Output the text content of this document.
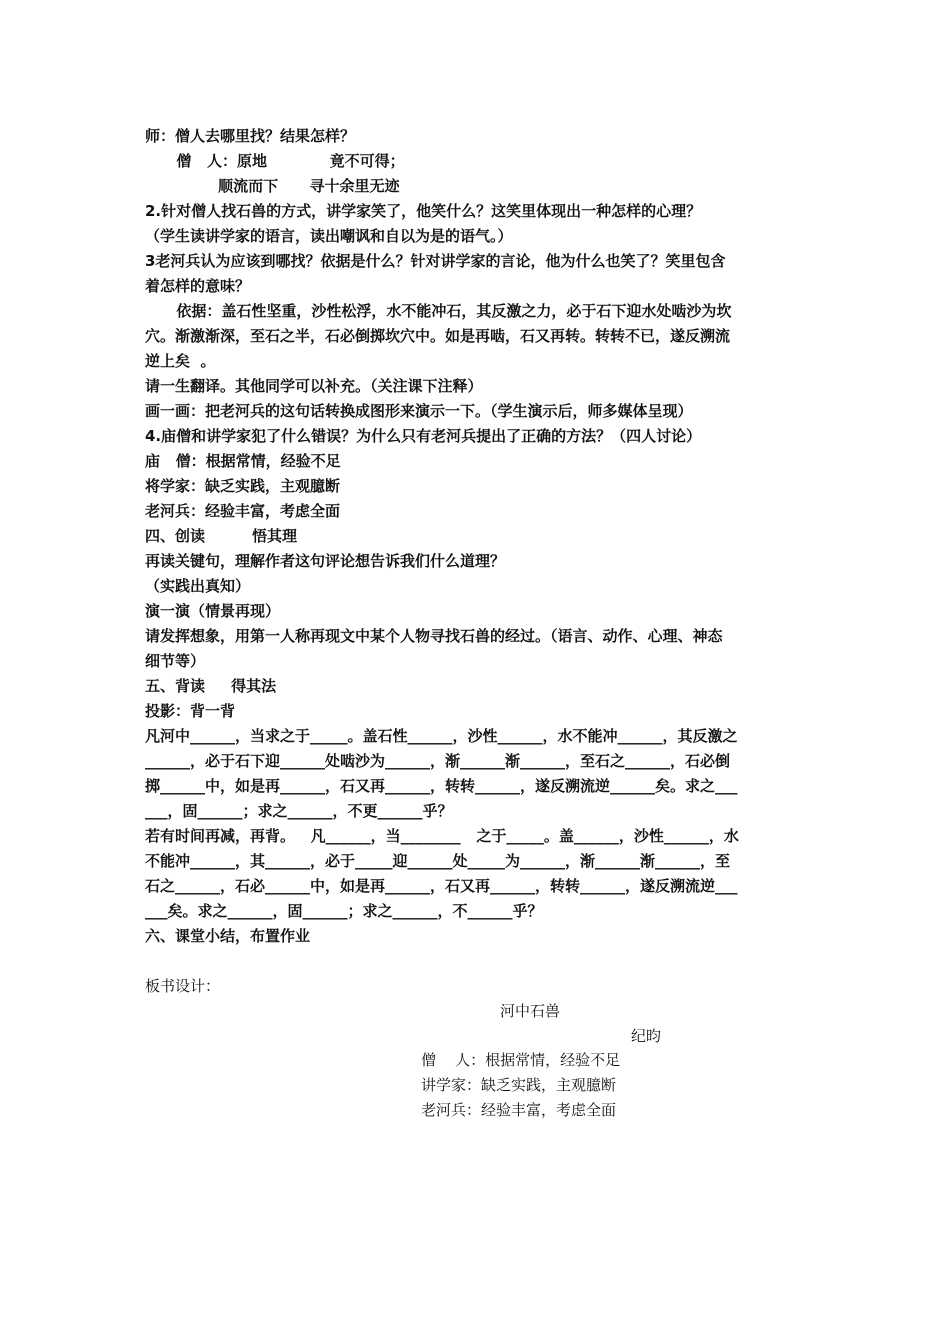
师：僧人去哪里找？结果怎样？
僧   人：原地            竟不可得；
顺流而下      寻十余里无迹
2.针对僧人找石兽的方式，讲学家笑了，他笑什么？这笑里体现出一种怎样的心理？
（学生读讲学家的语言，读出嘲讽和自以为是的语气。）
3老河兵认为应该到哪找？依据是什么？针对讲学家的言论，他为什么也笑了？笑里包含
着怎样的意味？
依据：盖石性坚重，沙性松浮，水不能冲石，其反激之力，必于石下迎水处啮沙为坎
穴。渐激渐深，至石之半，石必倒掷坎穴中。如是再啮，石又再转。转转不已，遂反溯流
逆上矣  。
请一生翻译。其他同学可以补充。（关注课下注释）
画一画：把老河兵的这句话转换成图形来演示一下。（学生演示后，师多媒体呈现）
4.庙僧和讲学家犯了什么错误？为什么只有老河兵提出了正确的方法？（四人讨论）
庙   僧：根据常情，经验不足
将学家：缺乏实践，主观臆断
老河兵：经验丰富，考虑全面
四、创读         悟其理
再读关键句，理解作者这句评论想告诉我们什么道理？
（实践出真知）
演一演（情景再现）
请发挥想象，用第一人称再现文中某个人物寻找石兽的经过。（语言、动作、心理、神态
细节等）
五、背读     得其法
投影：背一背
凡河中______，当求之于_____。盖石性______，沙性______，水不能冲______，其反激之
______，必于石下迎______处啮沙为______，渐______渐______，至石之______，石必倒
掷______中，如是再______，石又再______，转转______，遂反溯流逆______矣。求之___
___，固______；求之______，不更______乎？
若有时间再减，再背。   凡______，当________   之于_____。盖______，沙性______，水
不能冲______，其______，必于_____迎______处_____为______，渐______渐______，至
石之______，石必______中，如是再______，石又再______，转转______，遂反溯流逆___
___矣。求之______，固______；求之______，不______乎？
六、课堂小结，布置作业
板书设计：
河中石兽
纪昀
僧    人：根据常情，经验不足
讲学家：缺乏实践，主观臆断
老河兵：经验丰富，考虑全面
